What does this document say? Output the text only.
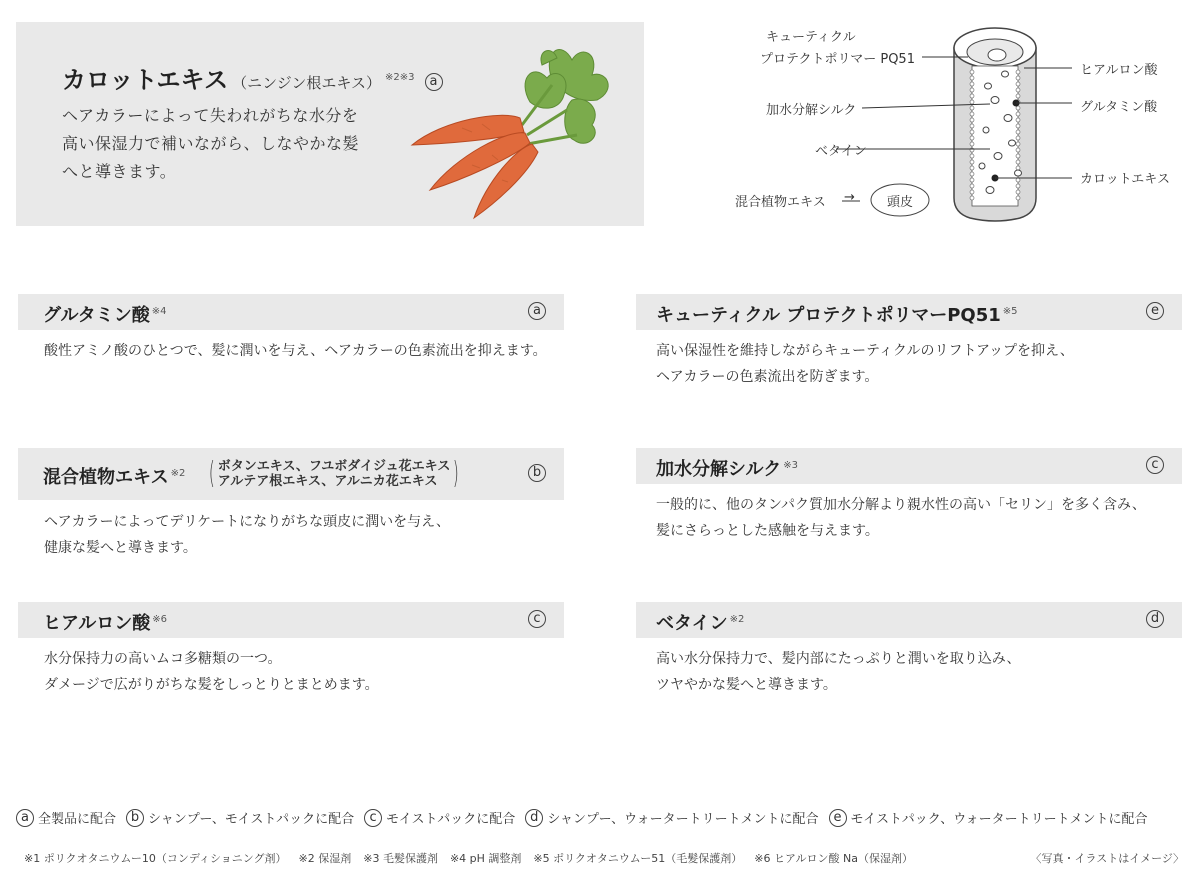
カロットエキス （ニンジン根エキス） $^{※2※3}$ a
ヘアカラーによって失われがちな水分を
高い保湿力で補いながら、しなやかな髪
へと導きます。
キューティクル
プロテクトポリマー PQ51
加水分解シルク
ベタイン
ヒアルロン酸
グルタミン酸
カロットエキス
混合植物エキス → 頭皮
グルタミン酸 $^{※4}$	a
酸性アミノ酸のひとつで、髪に潤いを与え、ヘアカラーの色素流出を抑えます。
キューティクル プロテクトポリマーPQ51 $^{※5}$	e
高い保湿性を維持しながらキューティクルのリフトアップを抑え、
ヘアカラーの色素流出を防ぎます。
混合植物エキス $^{※2}$ ( ボタンエキス、フユボダイジュ花エキス
アルテア根エキス、アルニカ花エキス )	b
ヘアカラーによってデリケートになりがちな頭皮に潤いを与え、
健康な髪へと導きます。
加水分解シルク $^{※3}$	c
一般的に、他のタンパク質加水分解より親水性の高い「セリン」を多く含み、
髪にさらっとした感触を与えます。
ヒアルロン酸 $^{※6}$	c
水分保持力の高いムコ多糖類の一つ。
ダメージで広がりがちな髪をしっとりとまとめます。
ベタイン $^{※2}$	d
高い水分保持力で、髪内部にたっぷりと潤いを取り込み、
ツヤやかな髪へと導きます。
a 全製品に配合	b シャンプー、モイストパックに配合	c モイストパックに配合	d シャンプー、ウォータートリートメントに配合	e モイストパック、ウォータートリートメントに配合
※1 ポリクオタニウムー10（コンディショニング剤） ※2 保湿剤 ※3 毛髪保護剤 ※4 pH 調整剤 ※5 ポリクオタニウムー51（毛髪保護剤） ※6 ヒアルロン酸 Na（保湿剤）	〈写真・イラストはイメージ〉
